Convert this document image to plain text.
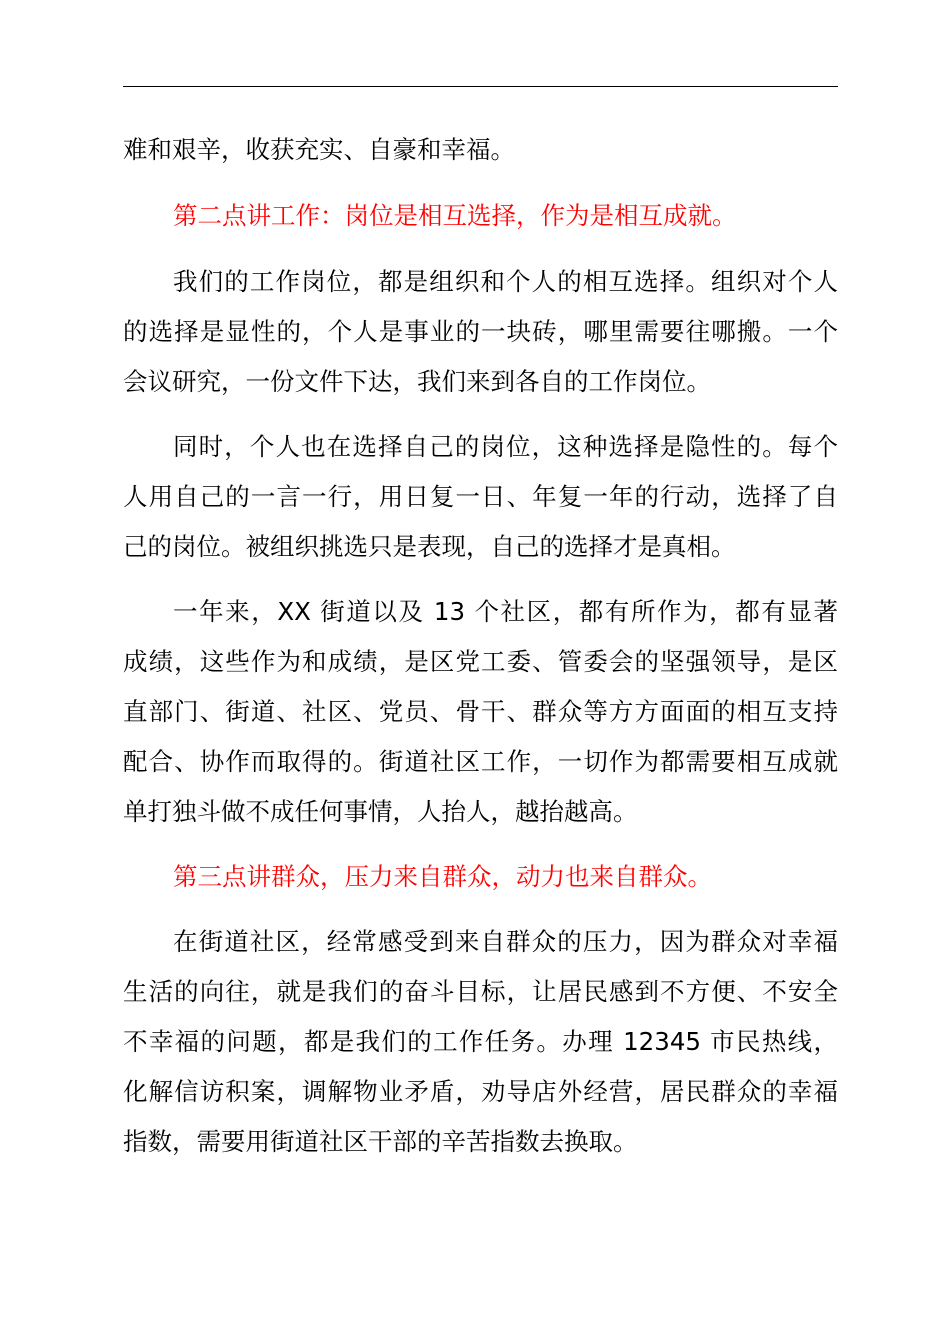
难和艰辛，收获充实、自豪和幸福。
第二点讲工作：岗位是相互选择，作为是相互成就。
我们的工作岗位，都是组织和个人的相互选择。组织对个人
的选择是显性的，个人是事业的一块砖，哪里需要往哪搬。一个
会议研究，一份文件下达，我们来到各自的工作岗位。
同时，个人也在选择自己的岗位，这种选择是隐性的。每个
人用自己的一言一行，用日复一日、年复一年的行动，选择了自
己的岗位。被组织挑选只是表现，自己的选择才是真相。
一年来，XX 街道以及 13 个社区，都有所作为，都有显著
成绩，这些作为和成绩，是区党工委、管委会的坚强领导，是区
直部门、街道、社区、党员、骨干、群众等方方面面的相互支持
配合、协作而取得的。街道社区工作，一切作为都需要相互成就
单打独斗做不成任何事情，人抬人，越抬越高。
第三点讲群众，压力来自群众，动力也来自群众。
在街道社区，经常感受到来自群众的压力，因为群众对幸福
生活的向往，就是我们的奋斗目标，让居民感到不方便、不安全
不幸福的问题，都是我们的工作任务。办理 12345 市民热线，
化解信访积案，调解物业矛盾，劝导店外经营，居民群众的幸福
指数，需要用街道社区干部的辛苦指数去换取。
